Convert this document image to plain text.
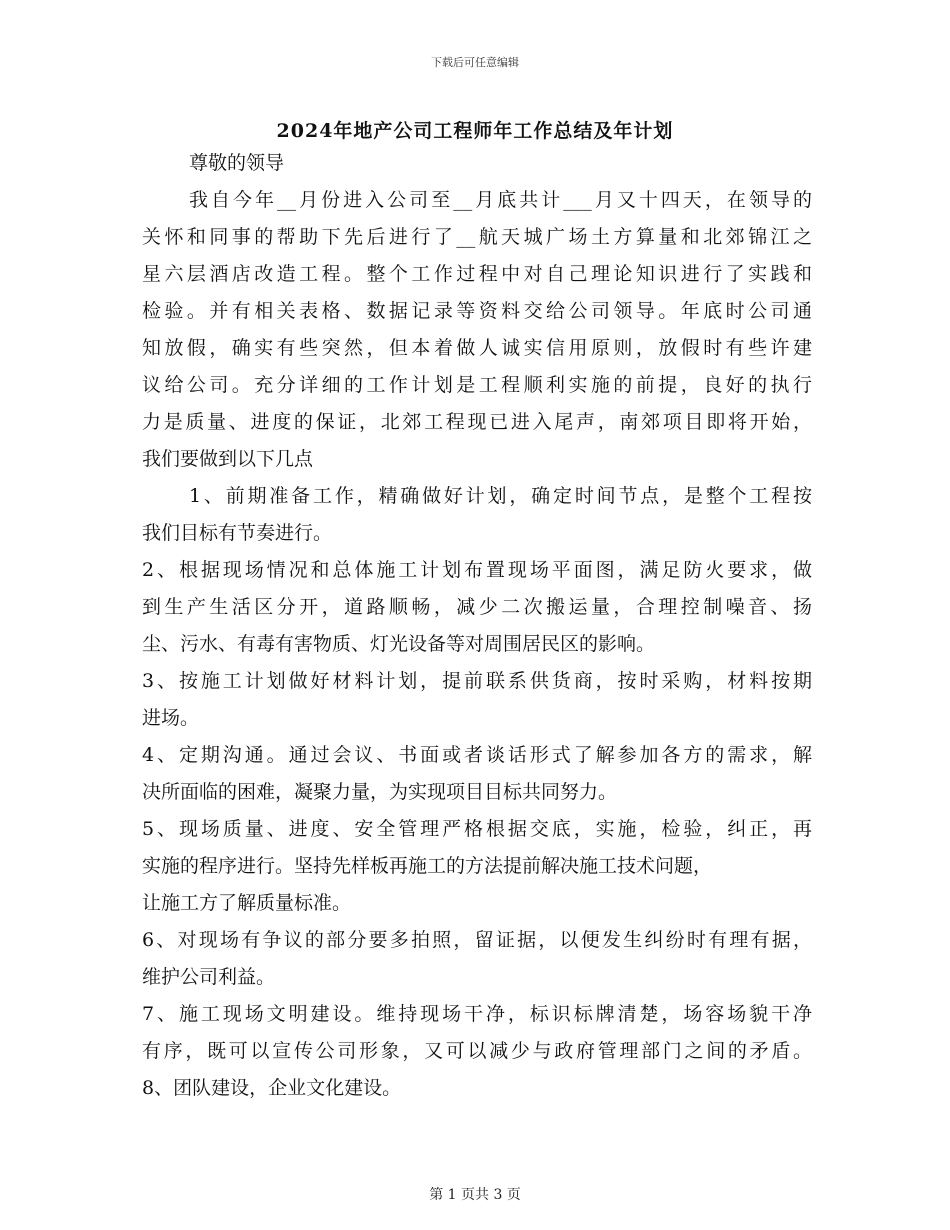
下载后可任意编辑
2024年地产公司工程师年工作总结及年计划
尊敬的领导
我自今年__月份进入公司至__月底共计___月又十四天，在领导的
关怀和同事的帮助下先后进行了__航天城广场土方算量和北郊锦江之
星六层酒店改造工程。整个工作过程中对自己理论知识进行了实践和
检验。并有相关表格、数据记录等资料交给公司领导。年底时公司通
知放假，确实有些突然，但本着做人诚实信用原则，放假时有些许建
议给公司。充分详细的工作计划是工程顺利实施的前提，良好的执行
力是质量、进度的保证，北郊工程现已进入尾声，南郊项目即将开始，
我们要做到以下几点
1、前期准备工作，精确做好计划，确定时间节点，是整个工程按
我们目标有节奏进行。
2、根据现场情况和总体施工计划布置现场平面图，满足防火要求，做
到生产生活区分开，道路顺畅，减少二次搬运量，合理控制噪音、扬
尘、污水、有毒有害物质、灯光设备等对周围居民区的影响。
3、按施工计划做好材料计划，提前联系供货商，按时采购，材料按期
进场。
4、定期沟通。通过会议、书面或者谈话形式了解参加各方的需求，解
决所面临的困难，凝聚力量，为实现项目目标共同努力。
5、现场质量、进度、安全管理严格根据交底，实施，检验，纠正，再
实施的程序进行。坚持先样板再施工的方法提前解决施工技术问题，
让施工方了解质量标准。
6、对现场有争议的部分要多拍照，留证据，以便发生纠纷时有理有据，
维护公司利益。
7、施工现场文明建设。维持现场干净，标识标牌清楚，场容场貌干净
有序，既可以宣传公司形象，又可以减少与政府管理部门之间的矛盾。
8、团队建设，企业文化建设。
第 1 页共 3 页
